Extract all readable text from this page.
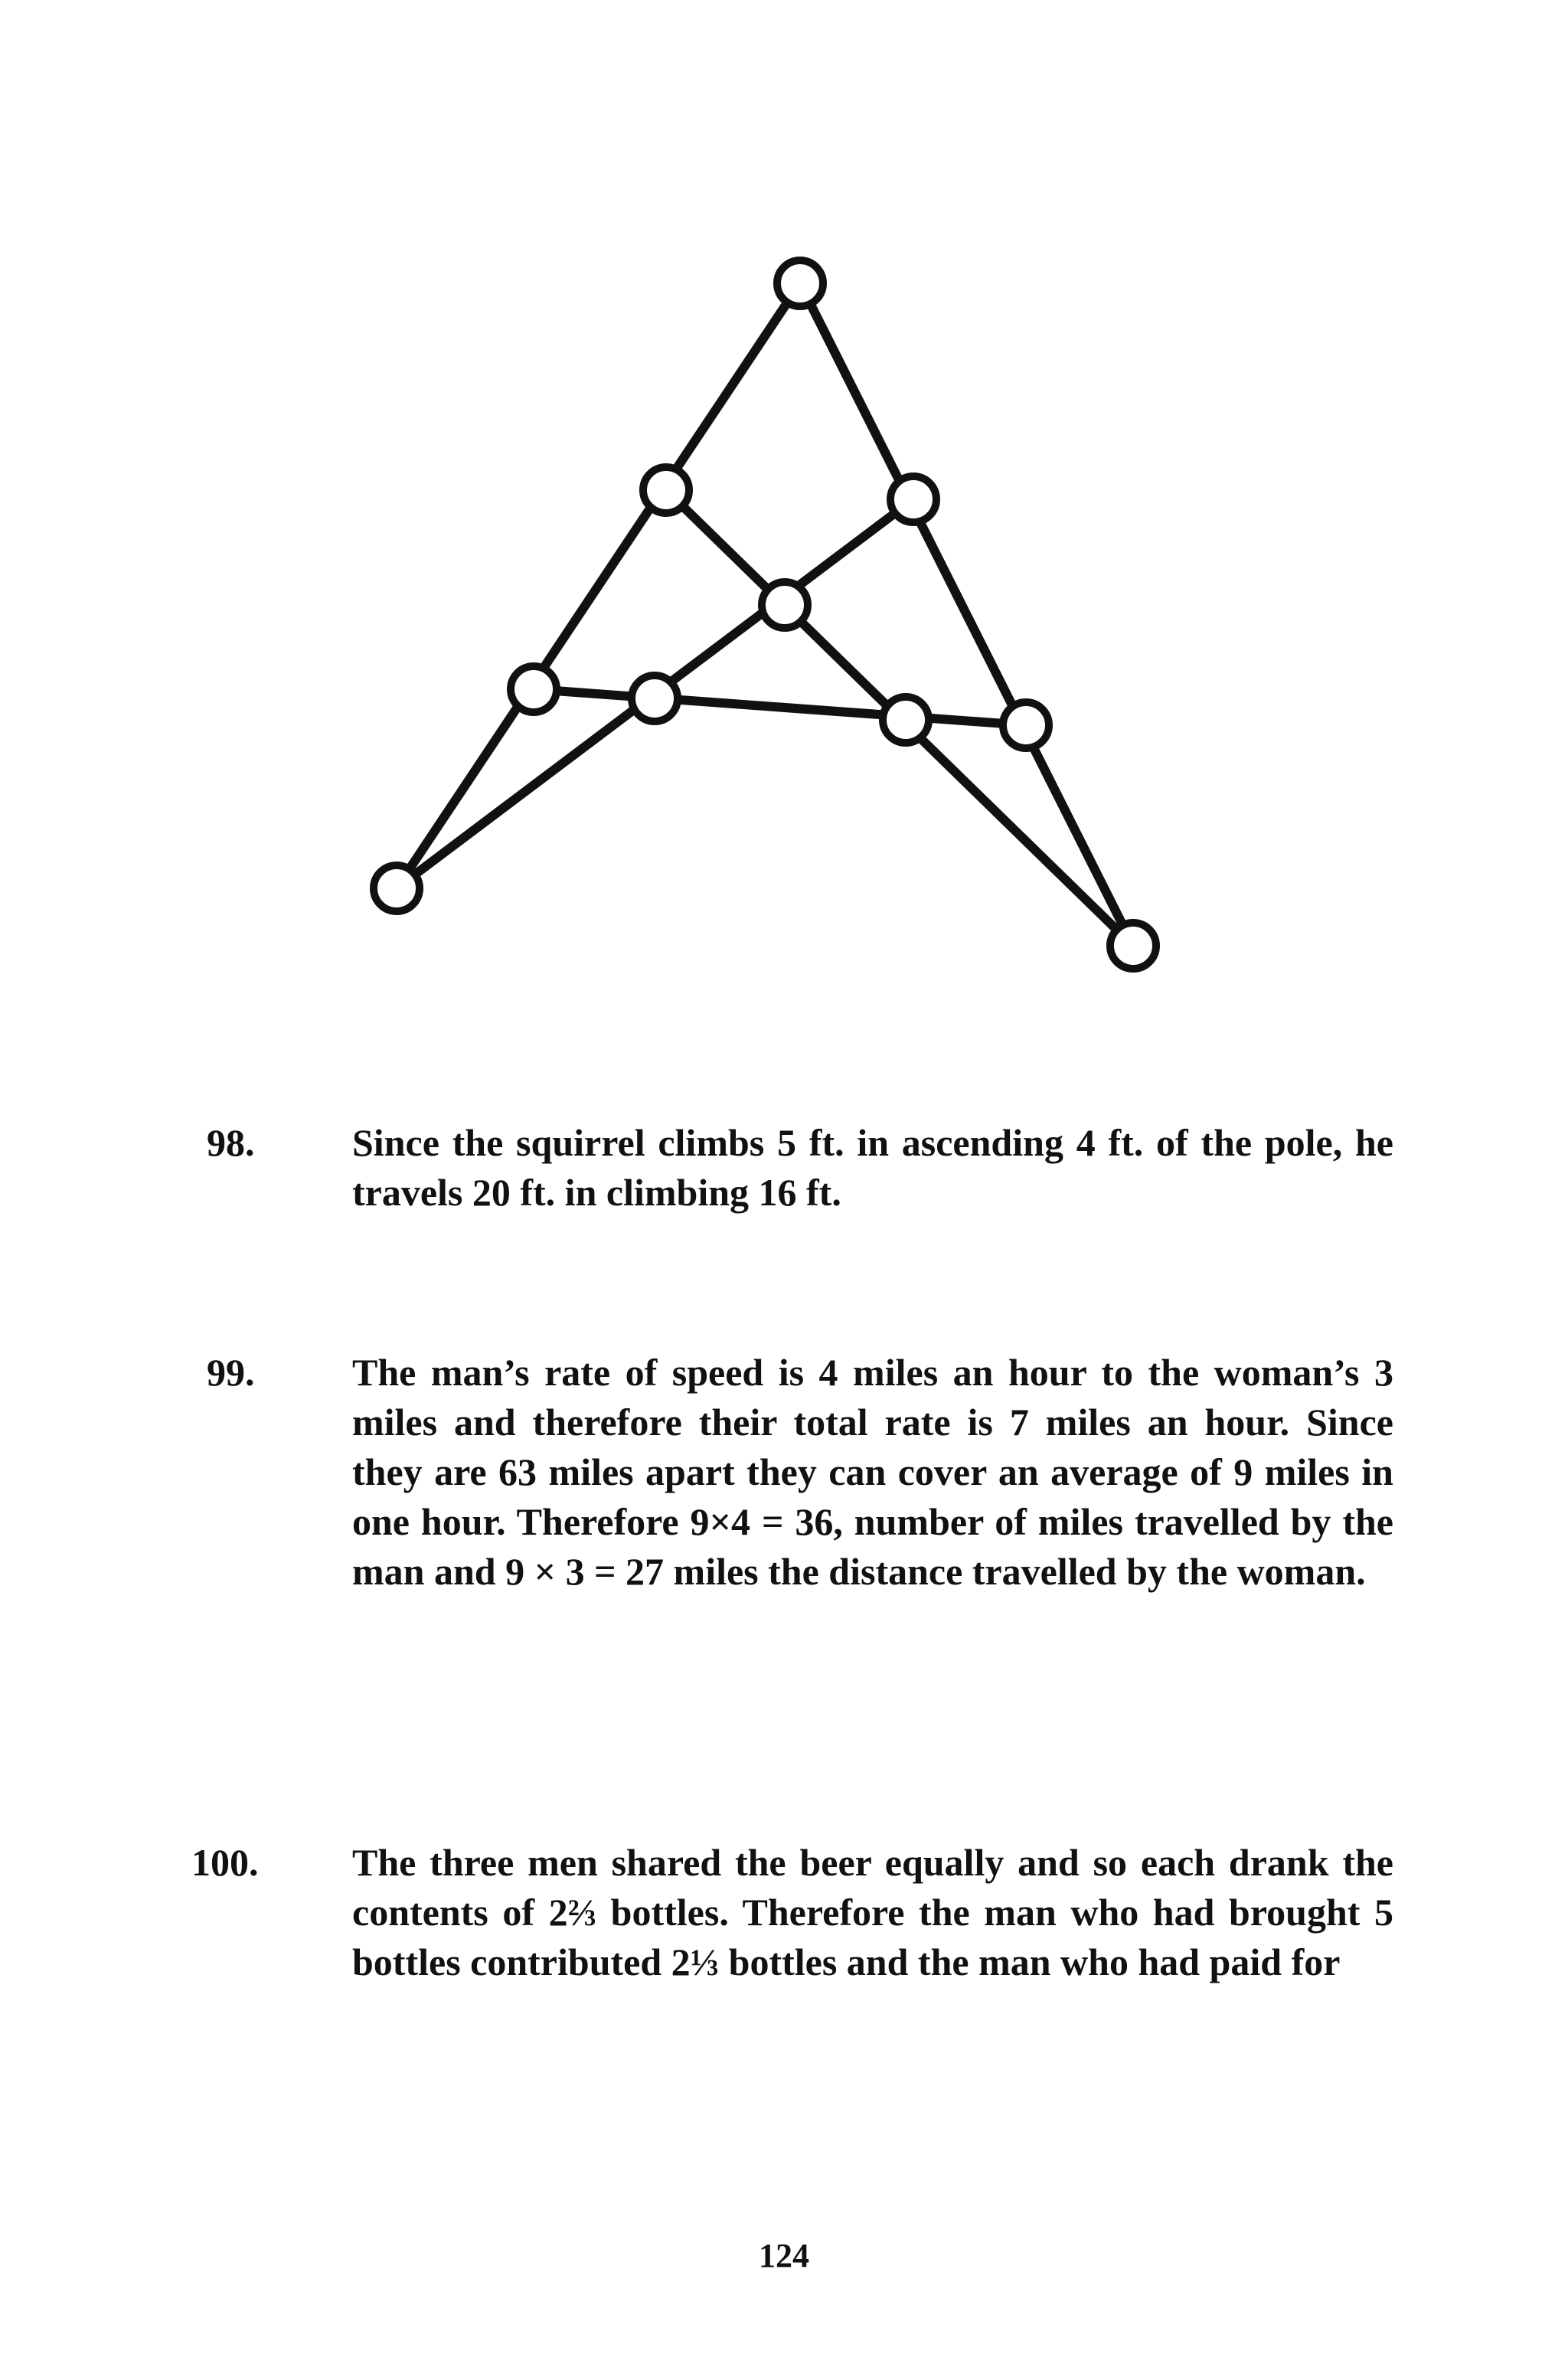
98.	Since the squirrel climbs 5 ft. in ascending 4 ft. of the pole, he travels 20 ft. in climbing 16 ft.
99.	The man’s rate of speed is 4 miles an hour to the woman’s 3 miles and therefore their total rate is 7 miles an hour. Since they are 63 miles apart they can cover an average of 9 miles in one hour. Therefore 9×4 = 36, number of miles travelled by the man and 9 × 3 = 27 miles the distance travelled by the woman.
100.	The three men shared the beer equally and so each drank the contents of 2⅔ bottles. Therefore the man who had brought 5 bottles contributed 2⅓ bottles and the man who had paid for
124
